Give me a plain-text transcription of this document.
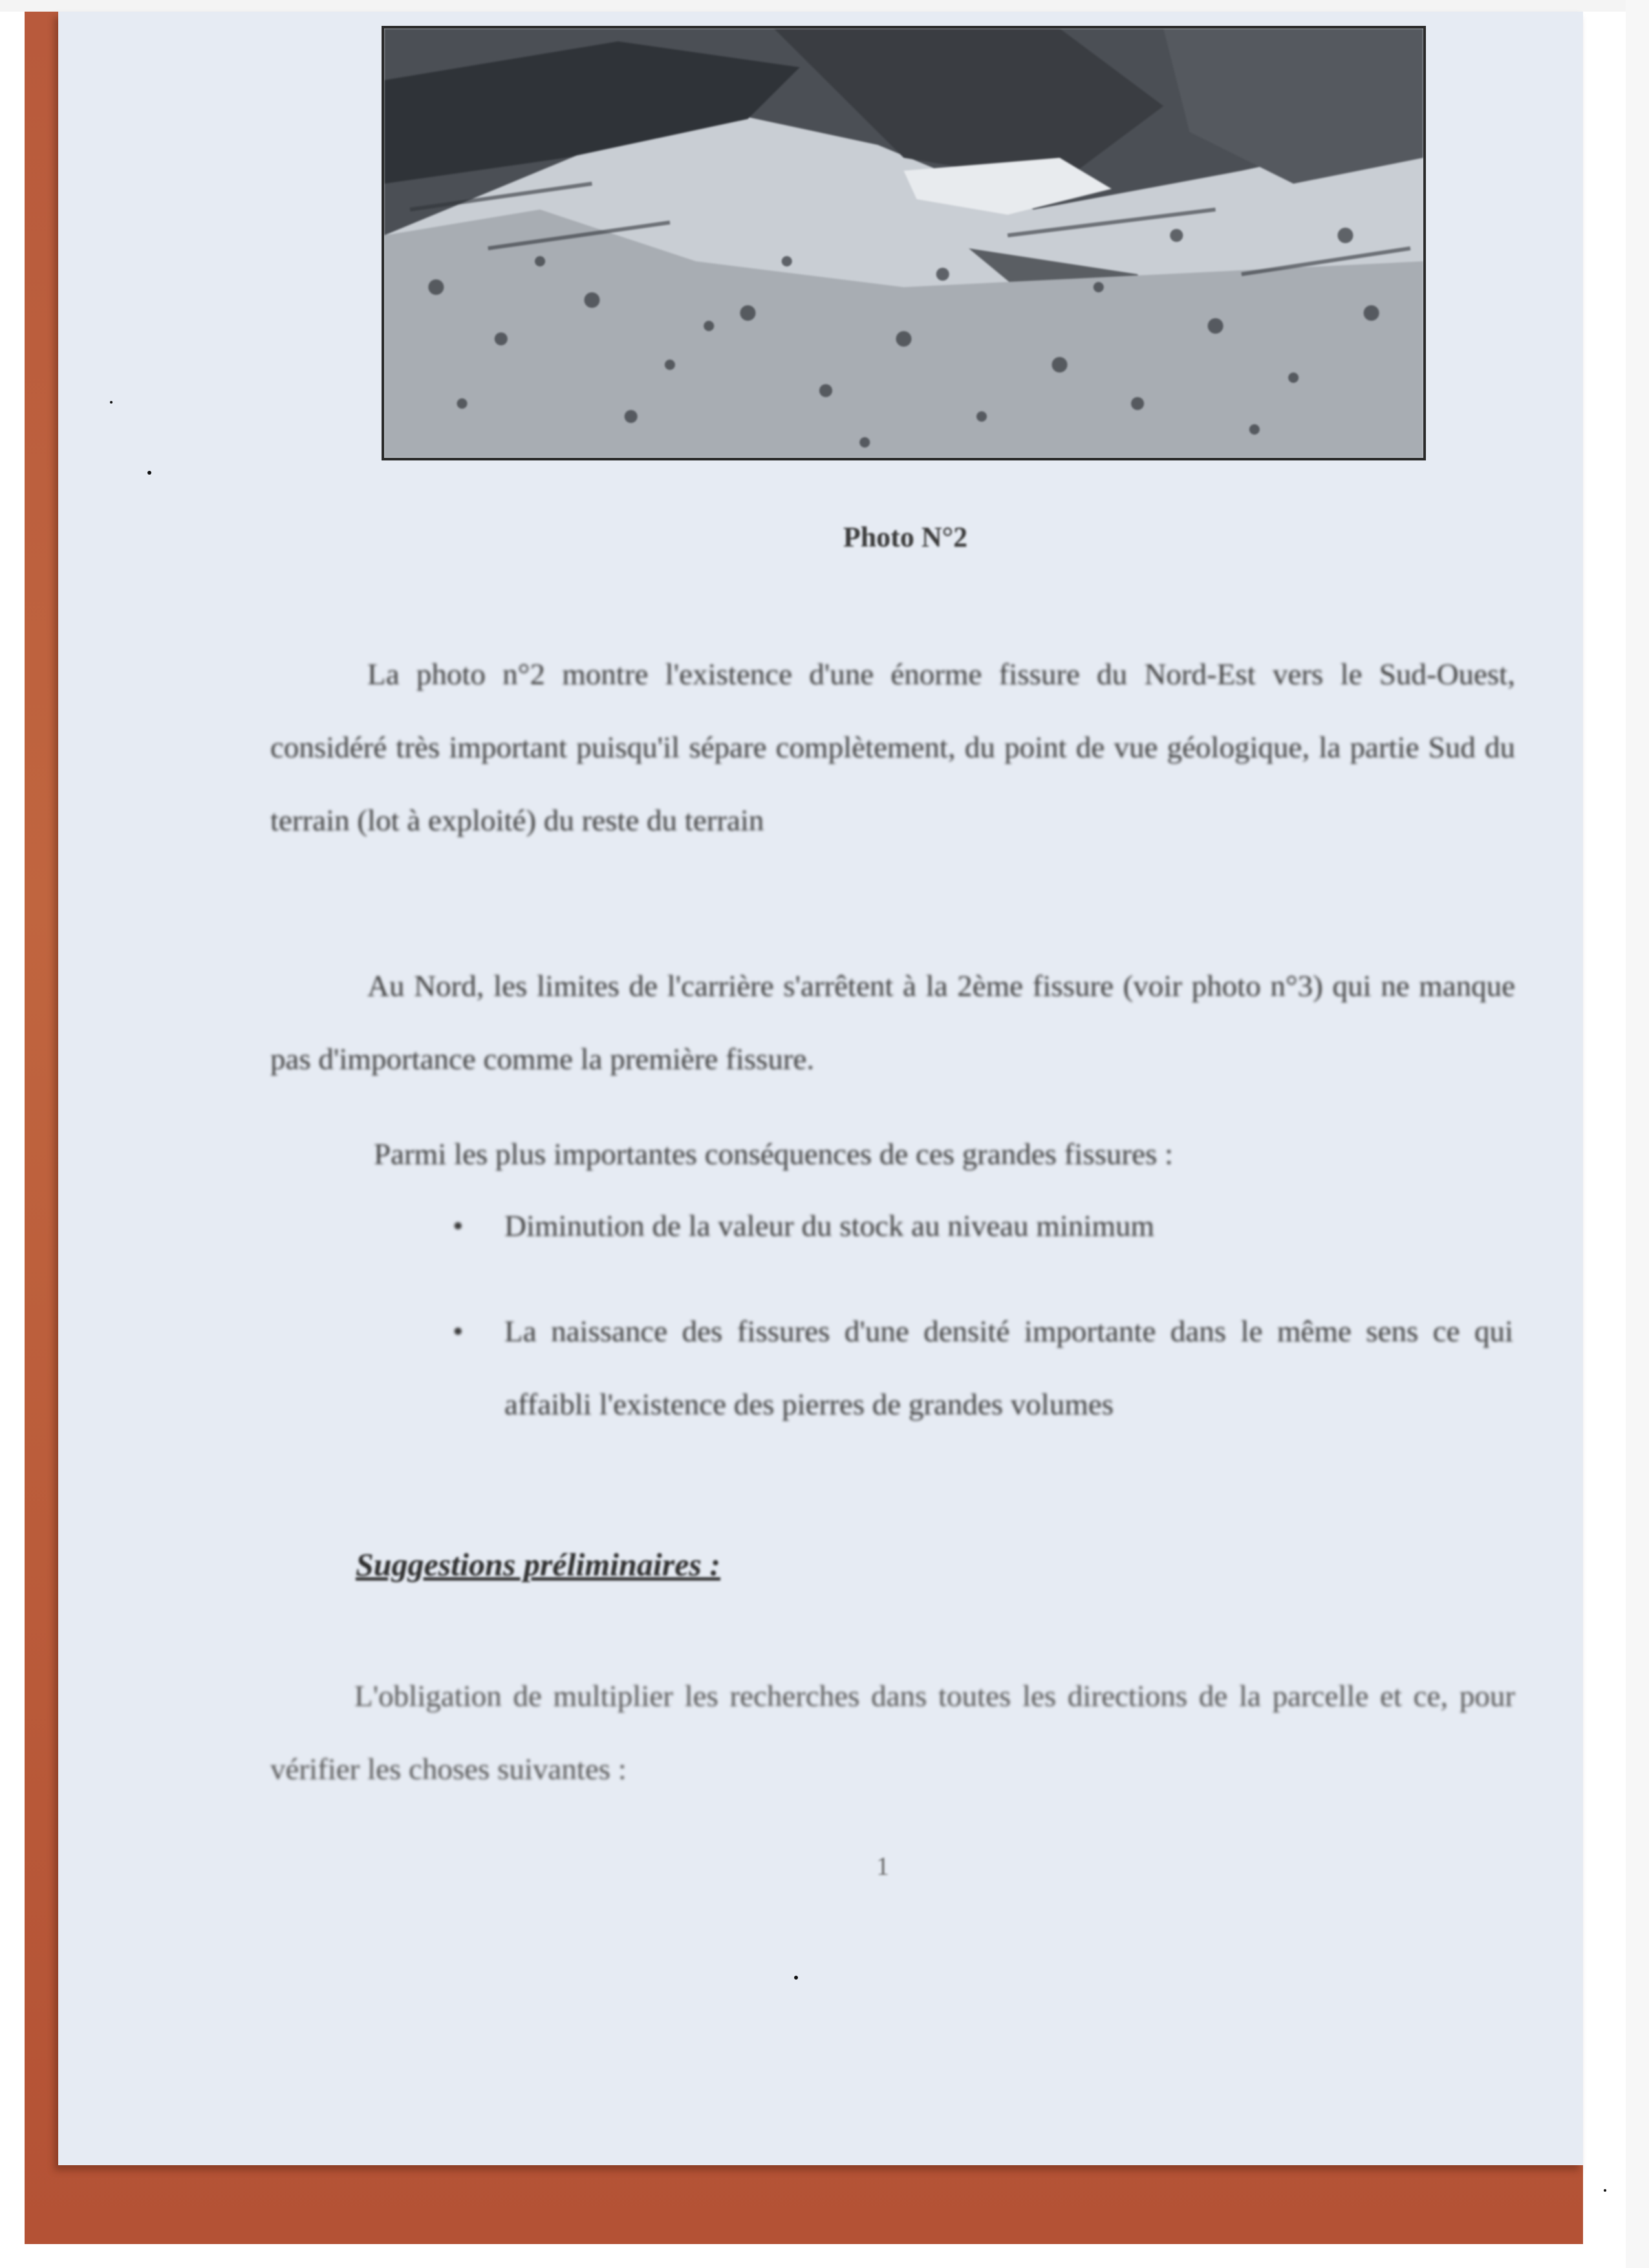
Photo N°2

La photo n°2 montre l'existence d'une énorme fissure du Nord-Est vers le Sud-Ouest, considéré très important puisqu'il sépare complètement, du point de vue géologique, la partie Sud du terrain (lot à exploité) du reste du terrain

Au Nord, les limites de l'carrière s'arrêtent à la 2ème fissure (voir photo n°3) qui ne manque pas d'importance comme la première fissure.

Parmi les plus importantes conséquences de ces grandes fissures :

• Diminution de la valeur du stock au niveau minimum
• La naissance des fissures d'une densité importante dans le même sens ce qui affaibli l'existence des pierres de grandes volumes
Suggestions préliminaires :

L'obligation de multiplier les recherches dans toutes les directions de la parcelle et ce, pour vérifier les choses suivantes :

1
